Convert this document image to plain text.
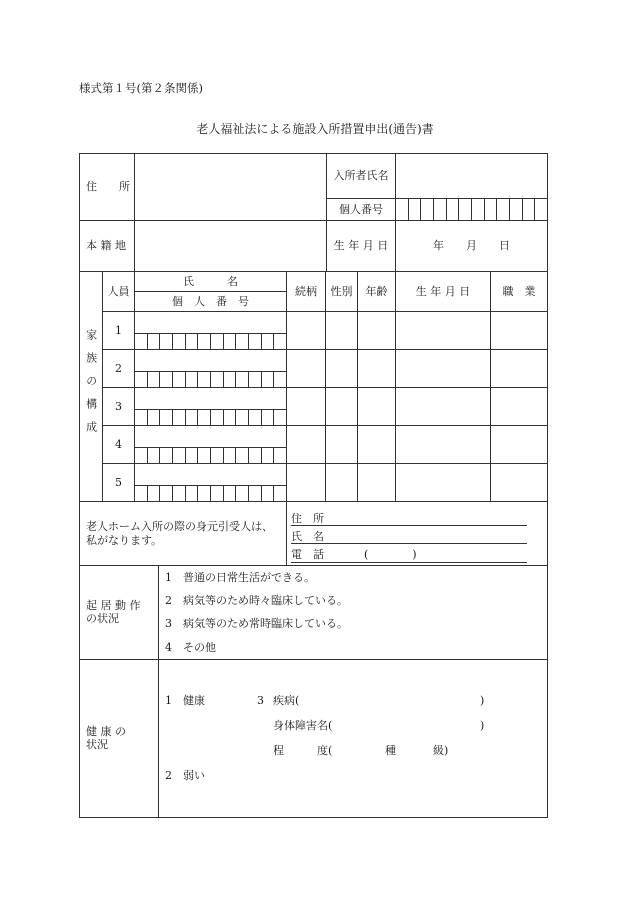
様式第１号(第２条関係)
老人福祉法による施設入所措置申出(通告)書
住　　所		入所者氏名	
		個人番号	

本 籍 地		生 年 月 日	年　　月　　日
家族の構成	人員	氏　　　名	続柄	性別	年齢	生 年 月 日	職　業
		個　人　番　号					
	1						

	2						

	3						

	4						

	5						

老人ホーム入所の際の身元引受人は、私がなります。	
住　所
氏　名
電　話	(　　　　)
起 居 動 作
の状況

1	普通の日常生活ができる。
2	病気等のため時々臨床している。
3	病気等のため常時臨床している。
4	その他
健 康 の
状況

1	健康	3 疾病(	)
身体障害名(	)
程　　　度(	種	級)
2	弱い
